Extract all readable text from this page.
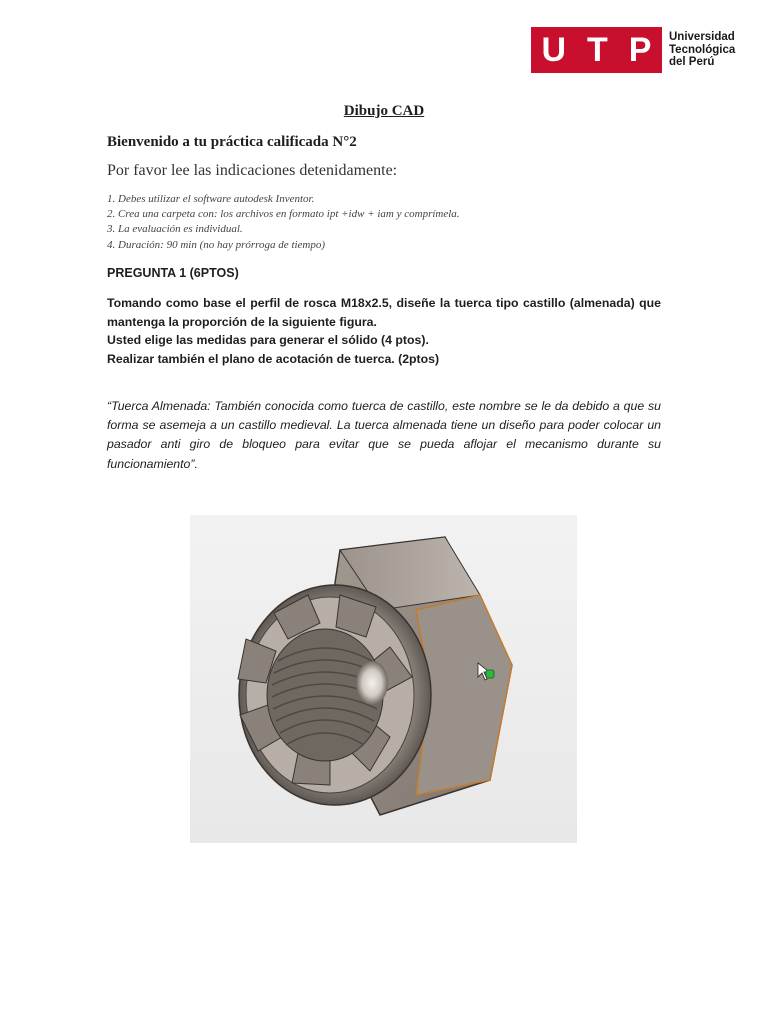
U T P Universidad
Tecnológica
del Perú
Dibujo CAD
Bienvenido a tu práctica calificada N°2
Por favor lee las indicaciones detenidamente:
1. Debes utilizar el software autodesk Inventor.
2. Crea una carpeta con: los archivos en formato ipt +idw + iam y comprímela.
3. La evaluación es individual.
4. Duración: 90 min (no hay prórroga de tiempo)
PREGUNTA 1 (6PTOS)

Tomando como base el perfil de rosca M18x2.5, diseñe la tuerca tipo castillo (almenada) que

mantenga la proporción de la siguiente figura.

Usted elige las medidas para generar el sólido (4 ptos).

Realizar también el plano de acotación de tuerca. (2ptos)

“Tuerca Almenada: También conocida como tuerca de castillo, este nombre se le da debido a que su forma se asemeja a un castillo medieval. La tuerca almenada tiene un diseño para poder colocar un pasador anti giro de bloqueo para evitar que se pueda aflojar el mecanismo durante su funcionamiento”.
